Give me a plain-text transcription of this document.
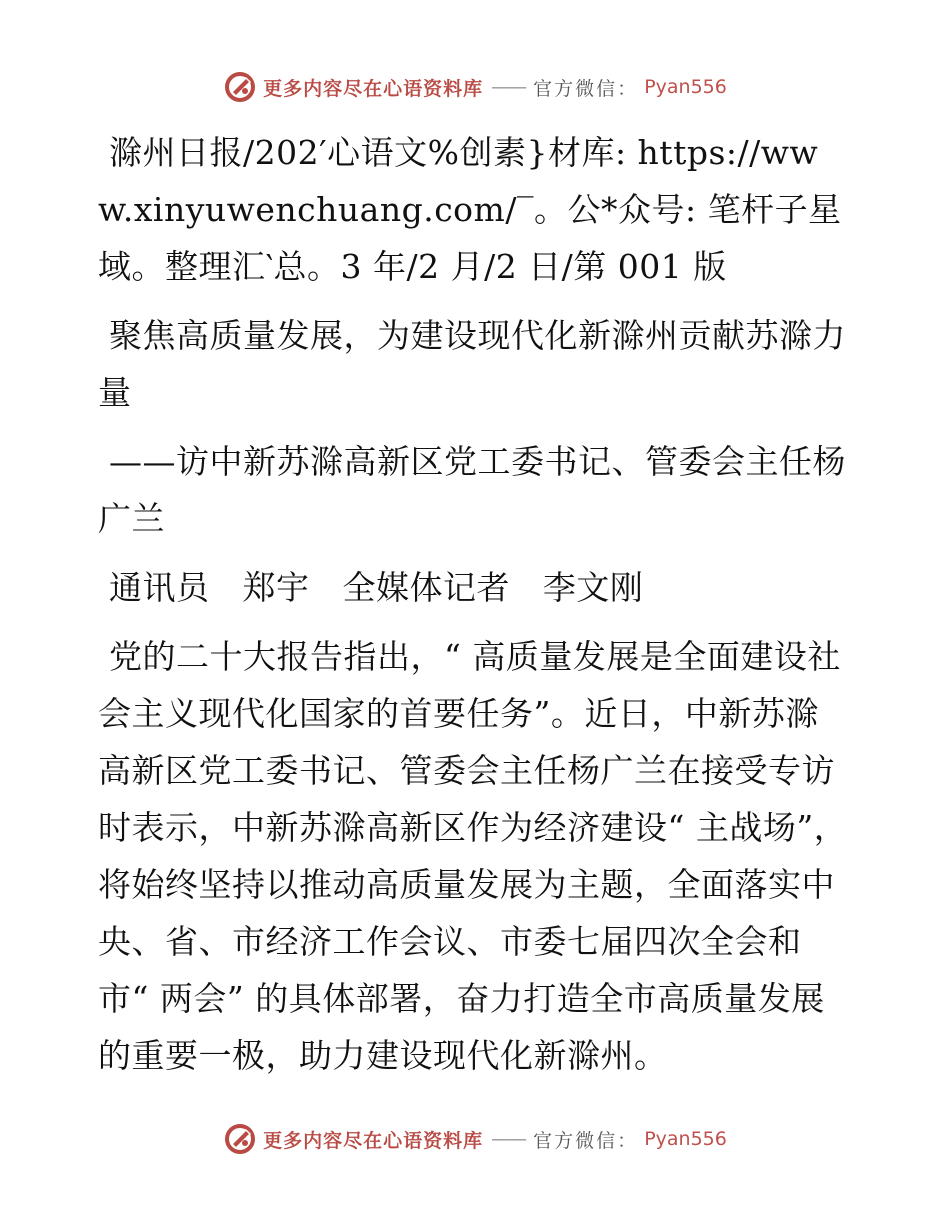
更多内容尽在心语资料库 —— 官方微信： Pyan556

滁州日报/202′心语文%创素}材库: https://www.xinyuwenchuang.com/‾。公*众号: 笔杆子星域。整理汇‵总。3 年/2 月/2 日/第 001 版

聚焦高质量发展，为建设现代化新滁州贡献苏滁力量

——访中新苏滁高新区党工委书记、管委会主任杨广兰

通讯员   郑宇   全媒体记者   李文刚

党的二十大报告指出，“ 高质量发展是全面建设社会主义现代化国家的首要任务”。近日，中新苏滁高新区党工委书记、管委会主任杨广兰在接受专访时表示，中新苏滁高新区作为经济建设“ 主战场”，将始终坚持以推动高质量发展为主题，全面落实中央、省、市经济工作会议、市委七届四次全会和市“ 两会” 的具体部署，奋力打造全市高质量发展的重要一极，助力建设现代化新滁州。

更多内容尽在心语资料库 —— 官方微信： Pyan556
